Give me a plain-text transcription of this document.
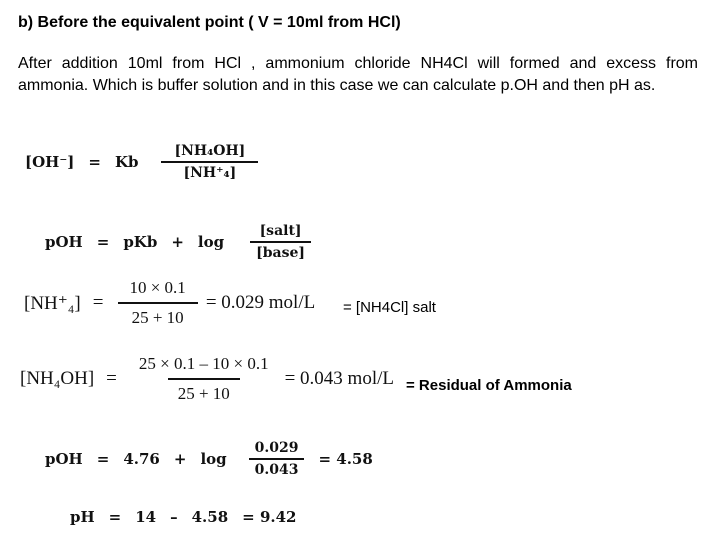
b) Before the equivalent point ( V = 10ml from HCl)
After addition 10ml from HCl , ammonium chloride NH4Cl will formed and excess from ammonia. Which is buffer solution and in this case we can calculate p.OH and then pH as.
[OH⁻] = Kb $\frac{\text{[NH₄OH]}}{\text{[NH⁺₄]}}$
pOH = pKb + $\log \frac{\text{[salt]}}{\text{[base]}}$
$[NH^+_4] = \frac{10 \times 0.1}{25 + 10} = 0.029$ mol/L = [NH4Cl] salt
$[NH_4OH] = \frac{25 \times 0.1 - 10 \times 0.1}{25 + 10} = 0.043$ mol/L = Residual of Ammonia
pOH = $4.76 + \log \frac{0.029}{0.043} = 4.58$
pH = 14 – 4.58 = 9.42
